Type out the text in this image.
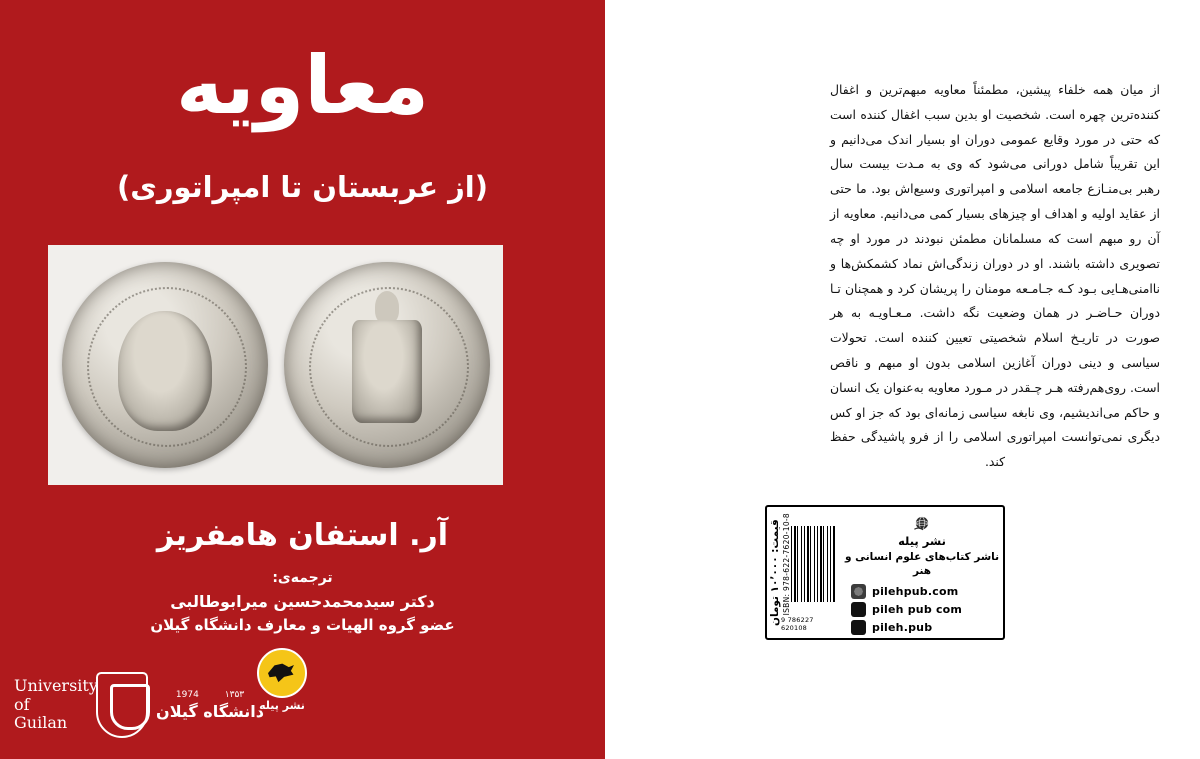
از میان همه خلفاء پیشین، مطمئناً معاویه مبهم‌ترین و اغفال کننده‌ترین چهره است. شخصیت او بدین سبب اغفال کننده است که حتی در مورد وقایع عمومی دوران او بسیار اندک می‌دانیم و این تقریباً شامل دورانی می‌شود که وی به مـدت بیست سال رهبر بی‌منـازع جامعه اسلامی و امپراتوری وسیع‌اش بود. ما حتی از عقاید اولیه و اهداف او چیزهای بسیار کمی می‌دانیم. معاویه از آن رو مبهم است که مسلمانان مطمئن نبودند در مورد او چه تصویری داشته باشند. او در دوران زندگی‌اش نماد کشمکش‌ها و ناامنی‌هـایی بـود کـه جـامـعه مومنان را پریشان کرد و همچنان تـا دوران حـاضـر در همان وضعیت نگه داشت. مـعـاویـه به هر صورت در تاریـخ اسلام شخصیتی تعیین کننده است. تحولات سیاسی و دینی دوران آغازین اسلامی بدون او مبهم و ناقص است. روی‌هم‌رفته هـر چـقدر در مـورد معاویه به‌عنوان یک انسان و حاکم می‌اندیشیم، وی نابغه سیاسی زمانه‌ای بود که جز او کس دیگری نمی‌توانست امپراتوری اسلامی را از فرو پاشیدگی حفظ کند.
نشر پیله
ناشر کتاب‌های علوم انسانی و هنر
pilehpub.com
pileh pub com
pileh.pub
قیمت: ۱۰٬۰۰۰ تومان ISBN: 978-622-7620-10-8
9 786227 620108
معاویه
(از عربستان تا امپراتوری)
آر. استفان هامفریز
ترجمه‌ی:
دکتر سیدمحمدحسین میرابوطالبی
عضو گروه الهیات و معارف دانشگاه گیلان
نشر پیله
University of
Guilan
1974	۱۳۵۳
دانشگاه گیلان
